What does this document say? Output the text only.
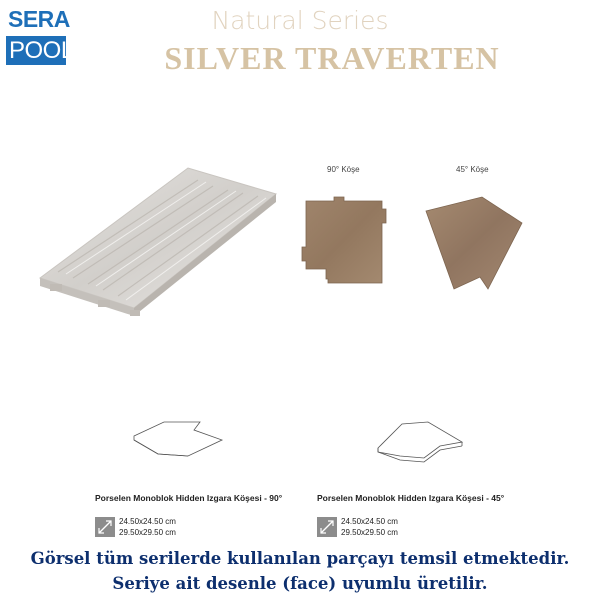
SERA
POOL
Natural Series
SILVER TRAVERTEN
90° Köşe	45° Köşe
Porselen Monoblok Hidden Izgara Köşesi - 90°	Porselen Monoblok Hidden Izgara Köşesi - 45°
24.50x24.50 cm
29.50x29.50 cm
24.50x24.50 cm
29.50x29.50 cm
Görsel tüm serilerde kullanılan parçayı temsil etmektedir.
Seriye ait desenle (face) uyumlu üretilir.
